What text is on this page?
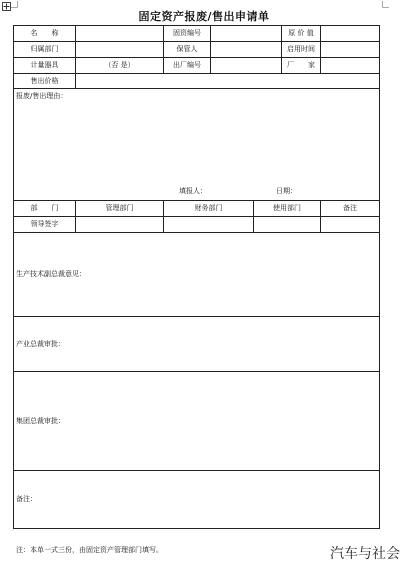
固定资产报废/售出申请单
名　　称		固资编号			原 价 值	
归属部门		保管人			启用时间	
计量器具	（否 是）	出厂编号			厂　　家	
售出价格						

报废/售出理由：
填报人： 日期：						

部　　门	管理部门	财务部门		使用部门		备注
领导签字						

生产技术副总裁意见：						

产业总裁审批：						

集团总裁审批：						

备注：						
注：本单一式三份，由固定资产管理部门填写。	汽车与社会
